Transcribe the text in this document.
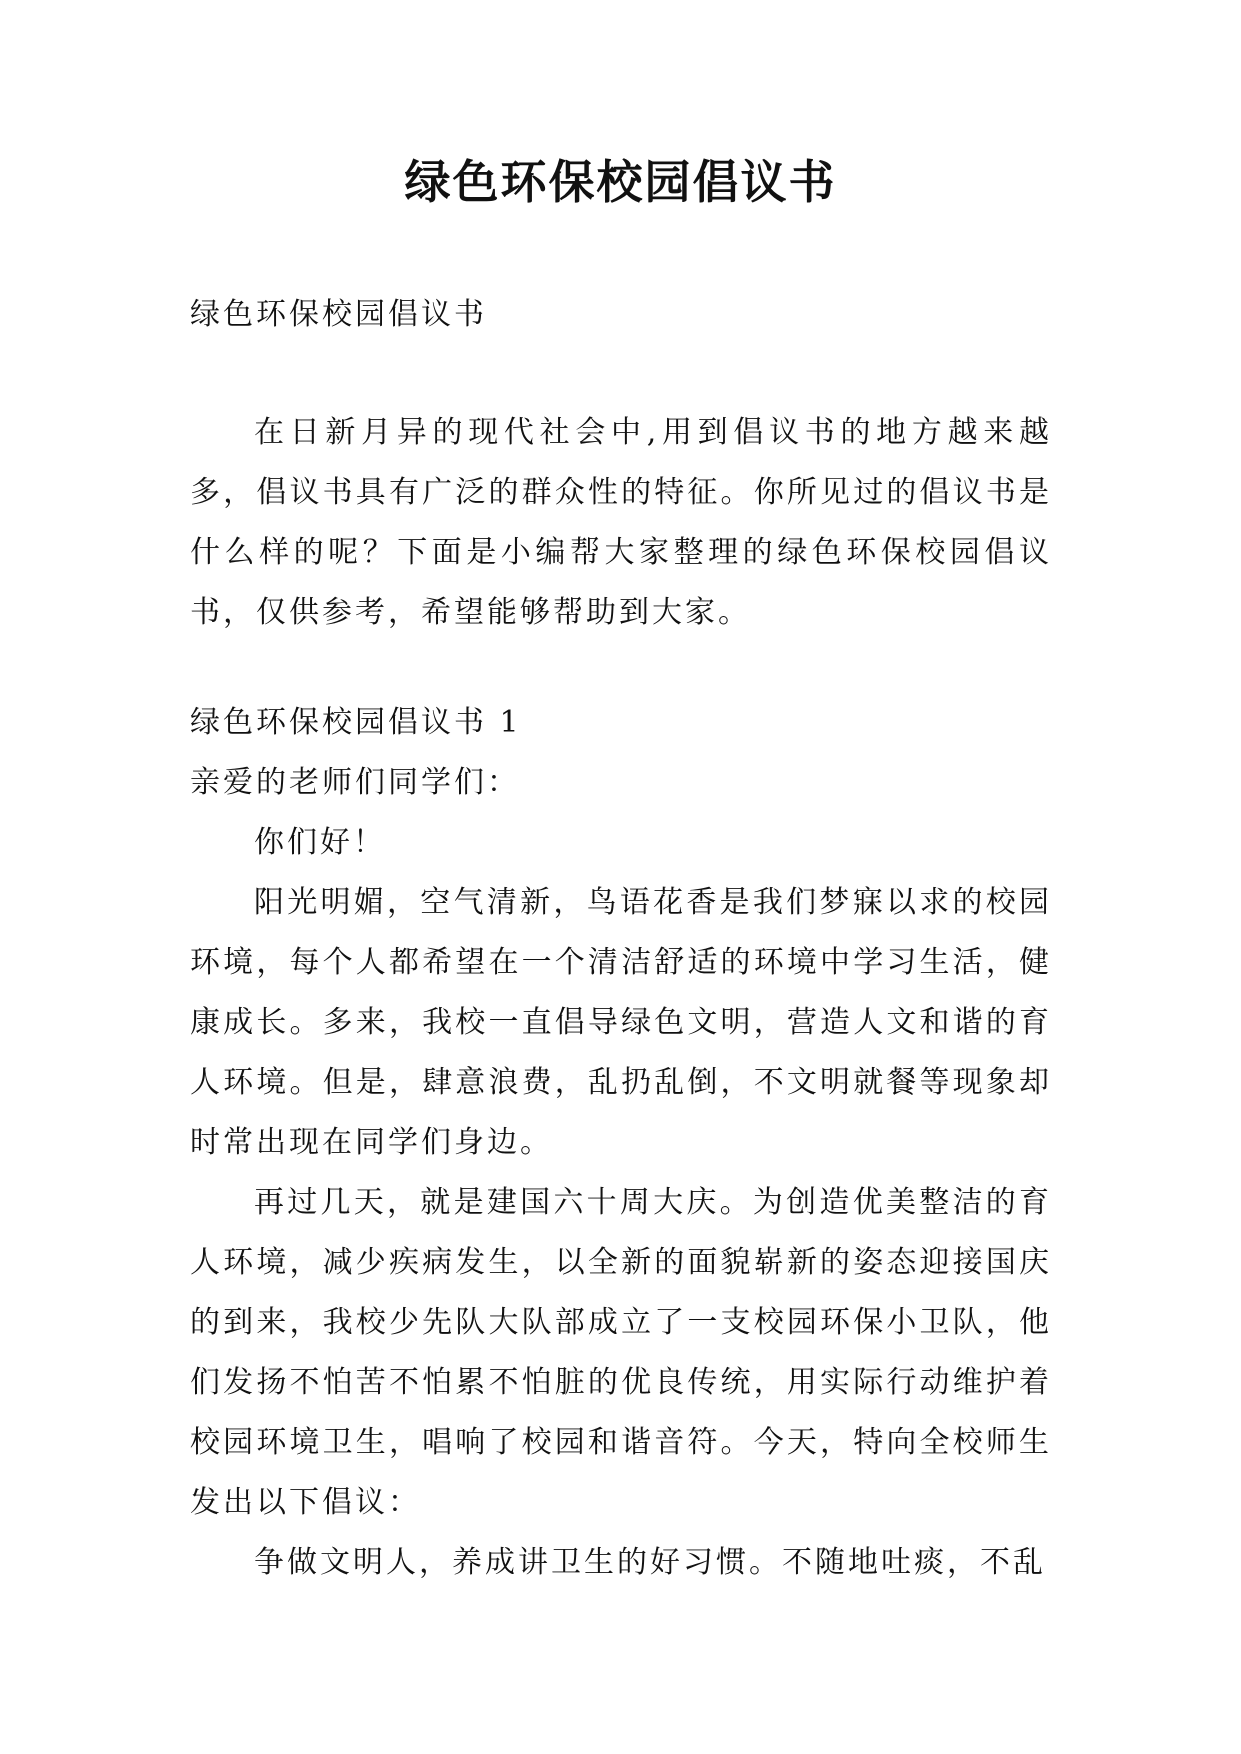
绿色环保校园倡议书

绿色环保校园倡议书

在日新月异的现代社会中,用到倡议书的地方越来越多，倡议书具有广泛的群众性的特征。你所见过的倡议书是什么样的呢？下面是小编帮大家整理的绿色环保校园倡议书，仅供参考，希望能够帮助到大家。

绿色环保校园倡议书 1

亲爱的老师们同学们：

你们好！

阳光明媚，空气清新，鸟语花香是我们梦寐以求的校园环境，每个人都希望在一个清洁舒适的环境中学习生活，健康成长。多来，我校一直倡导绿色文明，营造人文和谐的育人环境。但是，肆意浪费，乱扔乱倒，不文明就餐等现象却时常出现在同学们身边。

再过几天，就是建国六十周大庆。为创造优美整洁的育人环境，减少疾病发生，以全新的面貌崭新的姿态迎接国庆的到来，我校少先队大队部成立了一支校园环保小卫队，他们发扬不怕苦不怕累不怕脏的优良传统，用实际行动维护着校园环境卫生，唱响了校园和谐音符。今天，特向全校师生发出以下倡议：

争做文明人，养成讲卫生的好习惯。不随地吐痰，不乱
